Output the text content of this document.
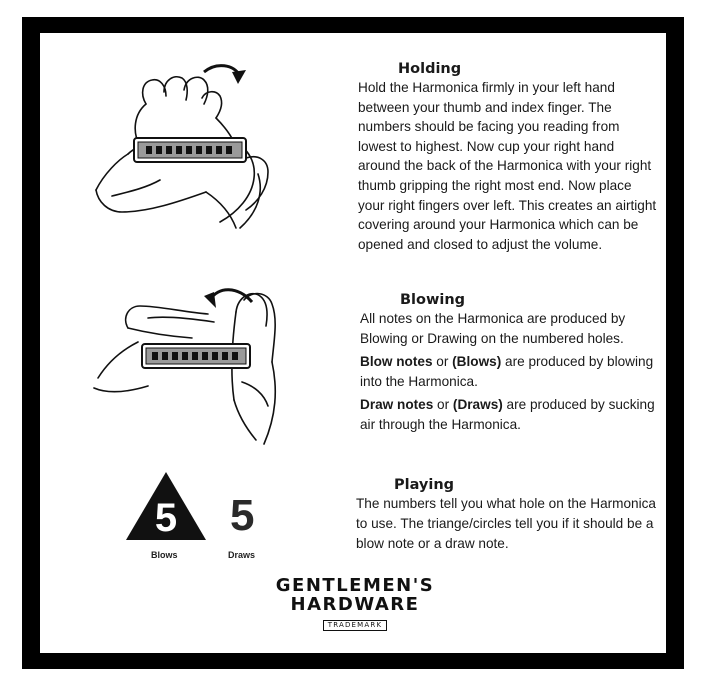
Holding

Hold the Harmonica firmly in your left hand between your thumb and index finger. The numbers should be facing you reading from lowest to highest. Now cup your right hand around the back of the Harmonica with your right thumb gripping the right most end. Now place your right fingers over left. This creates an airtight covering around your Harmonica which can be opened and closed to adjust the volume.

Blowing

All notes on the Harmonica are produced by Blowing or Drawing on the numbered holes.

Blow notes or (Blows) are produced by blowing into the Harmonica.

Draw notes or (Draws) are produced by sucking air through the Harmonica.

5
Blows
5
Draws
Playing

The numbers tell you what hole on the Harmonica to use. The triange/circles tell you if it should be a blow note or a draw note.

GENTLEMEN'S
HARDWARE
TRADEMARK
